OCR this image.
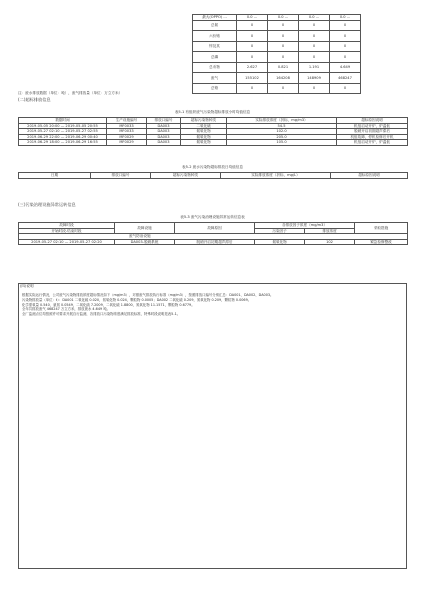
最大(OPPO) ...	0.0 ...	0.0 ...	0.0 ...	0.0 ...
总氮	0	0	0	0
六价铬	0	0	0	0
锌及其	0	0	0	0
总磷	0	0	0	0
总汞物	2.627	0.821	1.191	4.649
废气	155102	164208	148909	468247
总铬	0	0	0	0
注：废水排放数据（单位：吨），废气排放量（单位：万立方米）
(二)超标排放信息
表5-1 有组织废气污染物超标排放小时均值信息
数据时间	生产设施编号	排放口编号	超标污染物种类	实际排放浓度（折标，mg/m3）	超标原因说明
2019-05-05 20:00 — 2019-05-05 20:55	MF0033	DA003	二氧化硫	54.5	机组启动开炉，炉温低
2019-05-27 02:10 — 2019-05-27 02:55	MF0033	DA003	氮氧化物	102.0	脱硝开启初期超声滞后
2019-06-29 22:00 — 2019-06-29 00:40	MF0029	DA003	氮氧化物	205.0	机组故障，停机检修后开机
2019-06-29 18:00 — 2019-06-29 16:55	MF0029	DA003	氮氧化物	105.0	机组启动开炉，炉温低
表5-2 废水污染物超标排放日均值信息
日期	排放口编号	超标污染物种类	实际排放浓度（折标，mg/L）	超标原因说明
(三)污染治理设施异常运转信息
表5-3 废气污染治理设施异常运转信息表
故障时段	故障设施	故障原因	各排放因子浓度（mg/m3）		采取措施
开始时段-结束时段			污染因子	排放浓度	
废气防治设施					
2019-05-27 02:10 — 2019-05-27 02:20	DA003-脱硝系统	脱硝开启初期超声滞后	氮氧化物	102	紧急检修整改
(四)说明
根据实际运行情况，公司废气污染物排放浓度超标情况如下（mg/m3），对照废气排放执行标准（mg/m3），按照排放口编号分别汇总：DA001、DA002、DA003。
污染物排放量（单位：t）：DA001 二氧化硫 0.020，氮氧化物 0.024，颗粒物 0.0005；DA002 二氧化硫 0.209，氮氧化物 0.209，颗粒物 0.0069。
化学需氧量 0.540，氨氮 0.0549，二氧化硫 7.2009，二氧化硫 1.8800，氮氧化物 11.1571，颗粒物 0.6779。
全年共排放废气 468247 万立方米，排放废水 4.649 吨。
全厂监测点位均按照许可要求开展自行监测，各排放口污染物浓度满足排放标准，特殊时段说明见表5-1。
